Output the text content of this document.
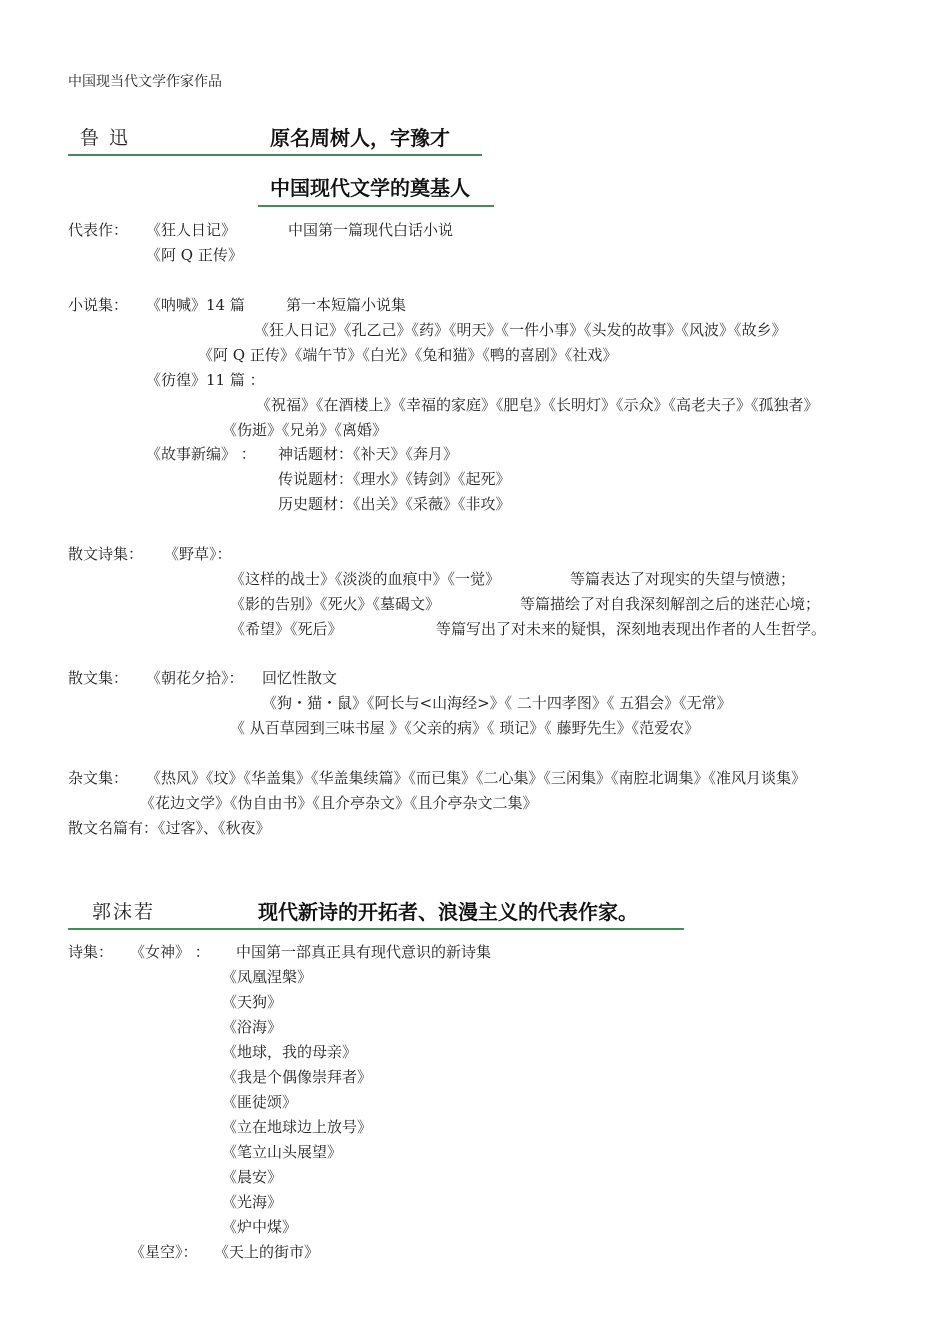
中国现当代文学作家作品
鲁 迅	原名周树人，字豫才
中国现代文学的奠基人
代表作： 《狂人日记》	中国第一篇现代白话小说
《阿 Q 正传》
小说集： 《呐喊》14 篇	第一本短篇小说集
《狂人日记》《孔乙己》《药》《明天》《一件小事》《头发的故事》《风波》《故乡》
《阿 Q 正传》《端午节》《白光》《兔和猫》《鸭的喜剧》《社戏》
《彷徨》11 篇 ：
《祝福》《在酒楼上》《幸福的家庭》《肥皂》《长明灯》《示众》《高老夫子》《孤独者》
《伤逝》《兄弟》《离婚》
《故事新编》 ： 神话题材：《补天》《奔月》
传说题材：《理水》《铸剑》《起死》
历史题材：《出关》《采薇》《非攻》
散文诗集： 《野草》：
《这样的战士》《淡淡的血痕中》《一觉》	等篇表达了对现实的失望与愤懑；
《影的告别》《死火》《墓碣文》	等篇描绘了对自我深刻解剖之后的迷茫心境；
《希望》《死后》	等篇写出了对未来的疑惧，深刻地表现出作者的人生哲学。
散文集： 《朝花夕拾》： 回忆性散文
《狗・猫・鼠》《阿长与<山海经>》《 二十四孝图》《 五猖会》《无常》
《 从百草园到三味书屋 》《父亲的病》《 琐记》《 藤野先生》《范爱农》
杂文集： 《热风》《坟》《华盖集》《华盖集续篇》《而已集》《二心集》《三闲集》《南腔北调集》《准风月谈集》
《花边文学》《伪自由书》《且介亭杂文》《且介亭杂文二集》
散文名篇有：《过客》、《秋夜》
郭沫若	现代新诗的开拓者、浪漫主义的代表作家。
诗集： 《女神》 ： 中国第一部真正具有现代意识的新诗集
《凤凰涅槃》
《天狗》
《浴海》
《地球，我的母亲》
《我是个偶像崇拜者》
《匪徒颂》
《立在地球边上放号》
《笔立山头展望》
《晨安》
《光海》
《炉中煤》
《星空》： 《天上的街市》
